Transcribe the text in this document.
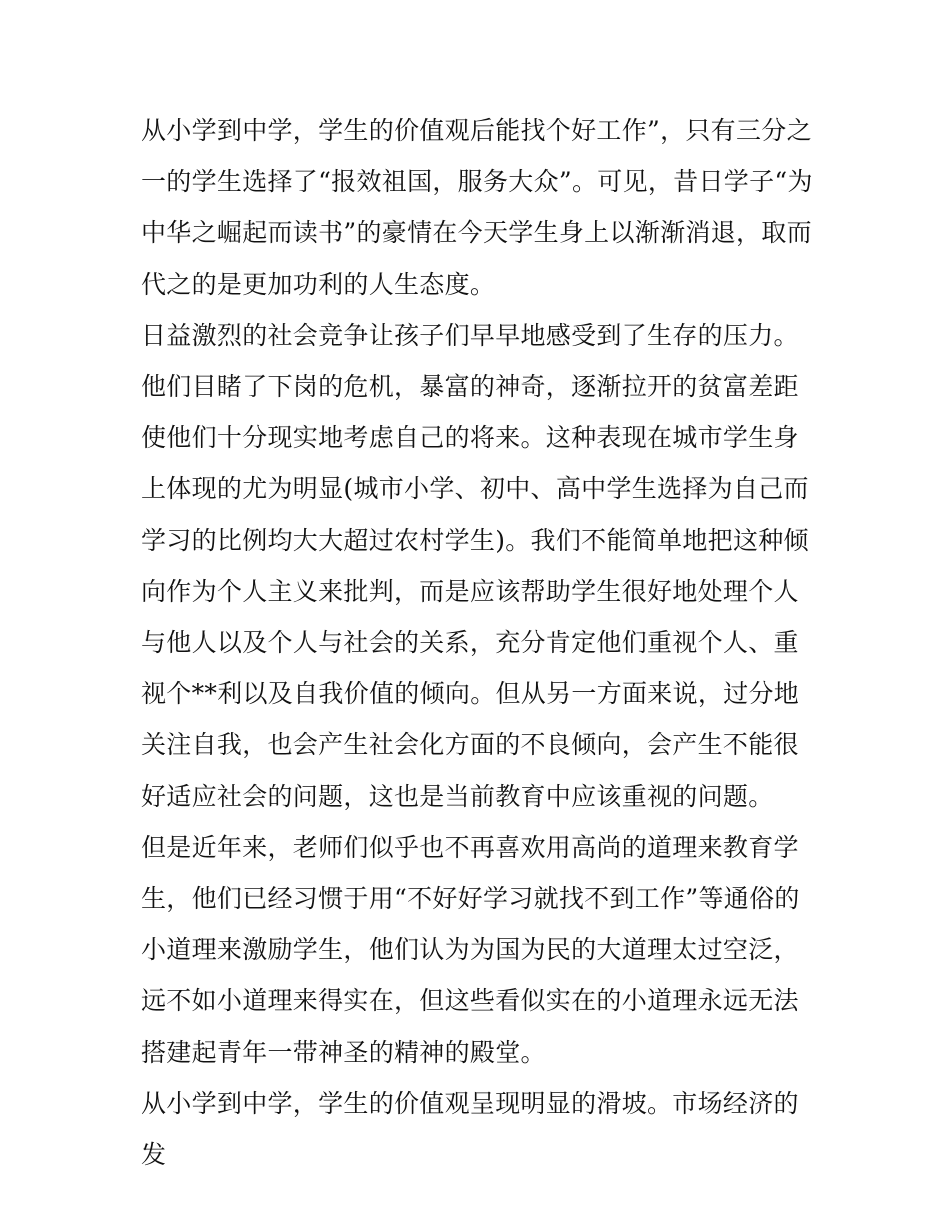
从小学到中学，学生的价值观后能找个好工作”，只有三分之一的学生选择了“报效祖国，服务大众”。可见，昔日学子“为中华之崛起而读书”的豪情在今天学生身上以渐渐消退，取而代之的是更加功利的人生态度。

日益激烈的社会竞争让孩子们早早地感受到了生存的压力。他们目睹了下岗的危机，暴富的神奇，逐渐拉开的贫富差距使他们十分现实地考虑自己的将来。这种表现在城市学生身上体现的尤为明显(城市小学、初中、高中学生选择为自己而学习的比例均大大超过农村学生)。我们不能简单地把这种倾向作为个人主义来批判，而是应该帮助学生很好地处理个人与他人以及个人与社会的关系，充分肯定他们重视个人、重视个**利以及自我价值的倾向。但从另一方面来说，过分地关注自我，也会产生社会化方面的不良倾向，会产生不能很好适应社会的问题，这也是当前教育中应该重视的问题。

但是近年来，老师们似乎也不再喜欢用高尚的道理来教育学生，他们已经习惯于用“不好好学习就找不到工作”等通俗的小道理来激励学生，他们认为为国为民的大道理太过空泛，远不如小道理来得实在，但这些看似实在的小道理永远无法搭建起青年一带神圣的精神的殿堂。

从小学到中学，学生的价值观呈现明显的滑坡。市场经济的发
